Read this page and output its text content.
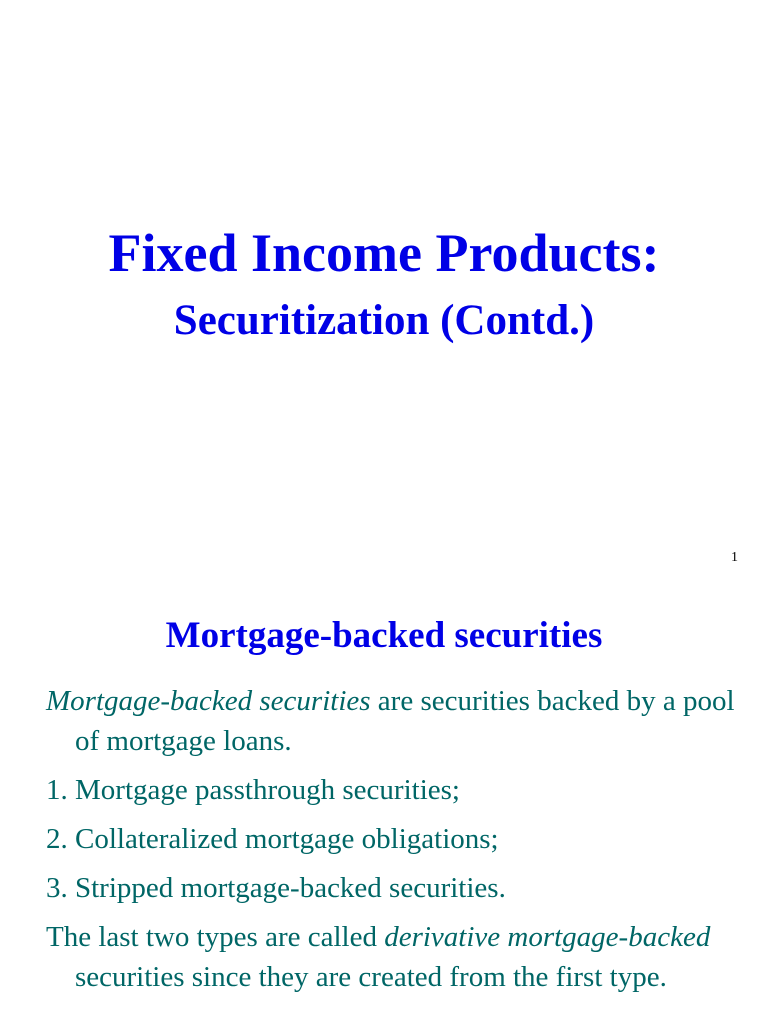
Fixed Income Products:
Securitization (Contd.)
1
Mortgage-backed securities

Mortgage-backed securities are securities backed by a pool of mortgage loans.

1. Mortgage passthrough securities;

2. Collateralized mortgage obligations;

3. Stripped mortgage-backed securities.

The last two types are called derivative mortgage-backed securities since they are created from the first type.
